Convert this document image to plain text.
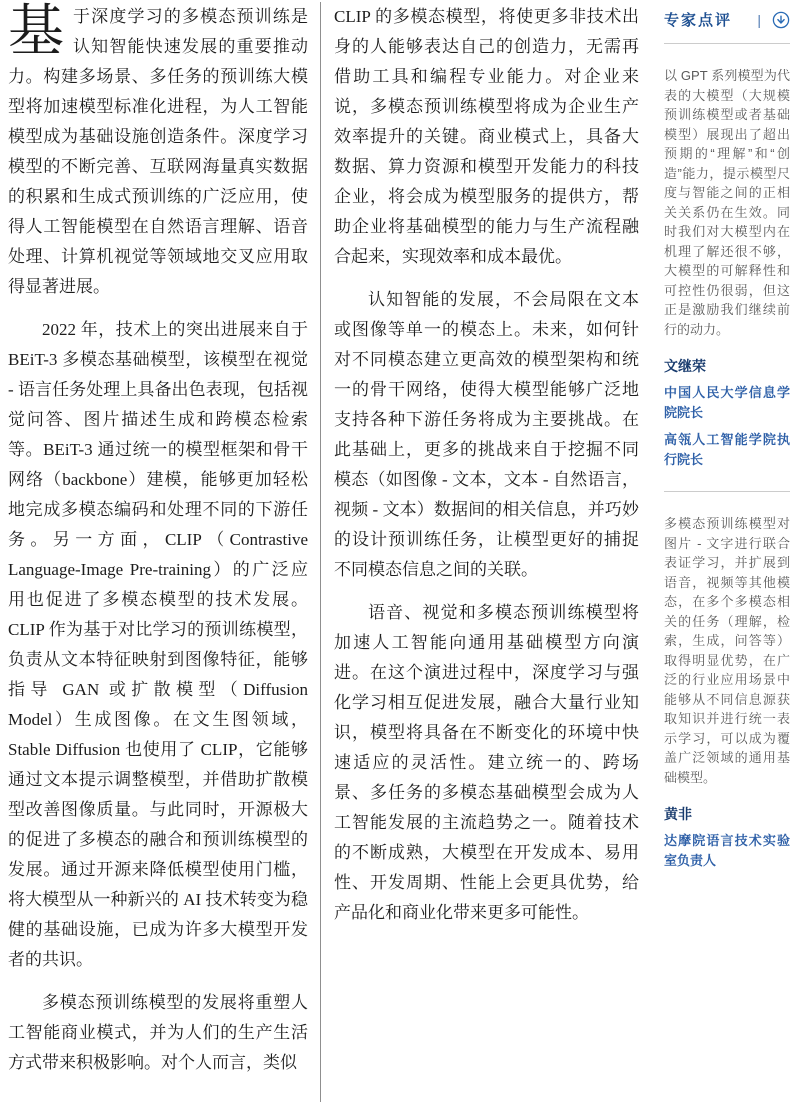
基于深度学习的多模态预训练是认知智能快速发展的重要推动力。构建多场景、多任务的预训练大模型将加速模型标准化进程，为人工智能模型成为基础设施创造条件。深度学习模型的不断完善、互联网海量真实数据的积累和生成式预训练的广泛应用，使得人工智能模型在自然语言理解、语音处理、计算机视觉等领域地交叉应用取得显著进展。

2022 年，技术上的突出进展来自于 BEiT-3 多模态基础模型，该模型在视觉 - 语言任务处理上具备出色表现，包括视觉问答、图片描述生成和跨模态检索等。BEiT-3 通过统一的模型框架和骨干网络（backbone）建模，能够更加轻松地完成多模态编码和处理不同的下游任务。另一方面，CLIP（Contrastive Language-Image Pre-training）的广泛应用也促进了多模态模型的技术发展。CLIP 作为基于对比学习的预训练模型，负责从文本特征映射到图像特征，能够指导 GAN 或扩散模型（Diffusion Model）生成图像。在文生图领域，Stable Diffusion 也使用了 CLIP，它能够通过文本提示调整模型，并借助扩散模型改善图像质量。与此同时，开源极大的促进了多模态的融合和预训练模型的发展。通过开源来降低模型使用门槛，将大模型从一种新兴的 AI 技术转变为稳健的基础设施，已成为许多大模型开发者的共识。

多模态预训练模型的发展将重塑人工智能商业模式，并为人们的生产生活方式带来积极影响。对个人而言，类似

CLIP 的多模态模型，将使更多非技术出身的人能够表达自己的创造力，无需再借助工具和编程专业能力。对企业来说，多模态预训练模型将成为企业生产效率提升的关键。商业模式上，具备大数据、算力资源和模型开发能力的科技企业，将会成为模型服务的提供方，帮助企业将基础模型的能力与生产流程融合起来，实现效率和成本最优。

认知智能的发展，不会局限在文本或图像等单一的模态上。未来，如何针对不同模态建立更高效的模型架构和统一的骨干网络，使得大模型能够广泛地支持各种下游任务将成为主要挑战。在此基础上，更多的挑战来自于挖掘不同模态（如图像 - 文本，文本 - 自然语言，视频 - 文本）数据间的相关信息，并巧妙的设计预训练任务，让模型更好的捕捉不同模态信息之间的关联。

语音、视觉和多模态预训练模型将加速人工智能向通用基础模型方向演进。在这个演进过程中，深度学习与强化学习相互促进发展，融合大量行业知识，模型将具备在不断变化的环境中快速适应的灵活性。建立统一的、跨场景、多任务的多模态基础模型会成为人工智能发展的主流趋势之一。随着技术的不断成熟，大模型在开发成本、易用性、开发周期、性能上会更具优势，给产品化和商业化带来更多可能性。

专家点评 |

以 GPT 系列模型为代表的大模型（大规模预训练模型或者基础模型）展现出了超出预期的“理解”和“创造”能力，提示模型尺度与智能之间的正相关关系仍在生效。同时我们对大模型内在机理了解还很不够，大模型的可解释性和可控性仍很弱，但这正是激励我们继续前行的动力。

文继荣

中国人民大学信息学院院长

高瓴人工智能学院执行院长

多模态预训练模型对图片 - 文字进行联合表证学习，并扩展到语音，视频等其他模态，在多个多模态相关的任务（理解，检索，生成，问答等）取得明显优势，在广泛的行业应用场景中能够从不同信息源获取知识并进行统一表示学习，可以成为覆盖广泛领域的通用基础模型。

黄非

达摩院语言技术实验室负责人
